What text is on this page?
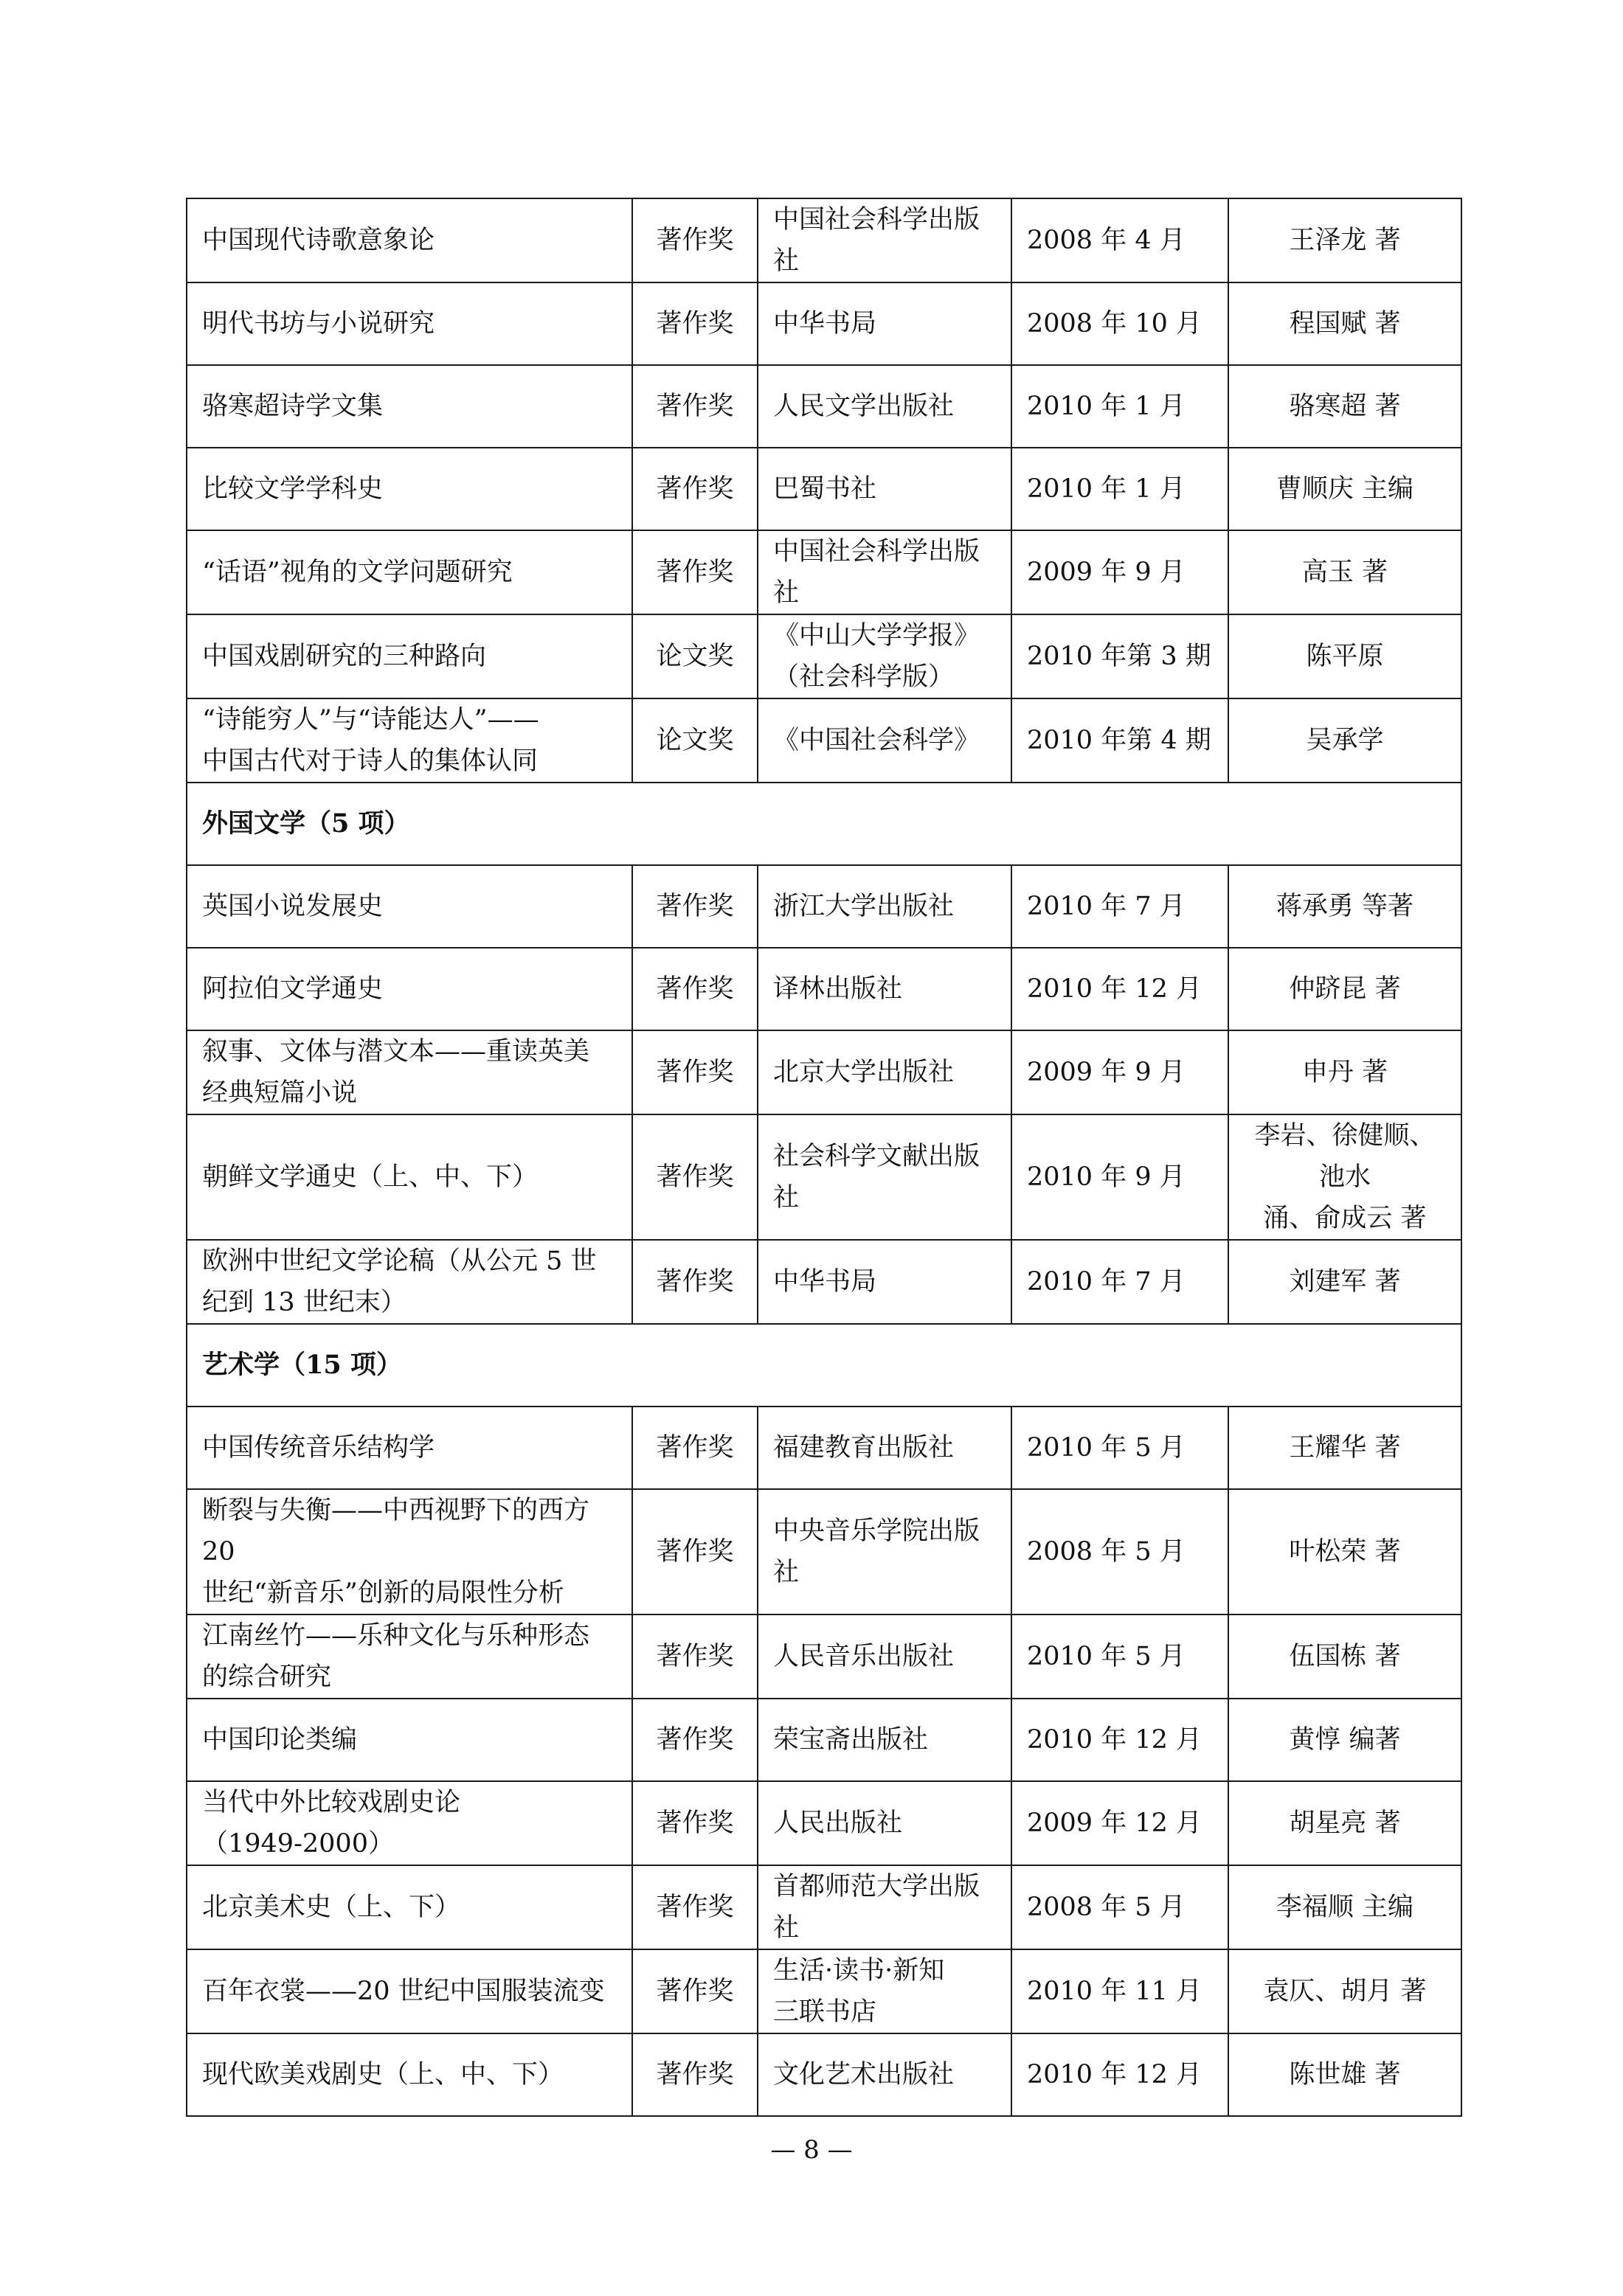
中国现代诗歌意象论	著作奖	中国社会科学出版社	2008 年 4 月	王泽龙 著

明代书坊与小说研究	著作奖	中华书局	2008 年 10 月	程国赋 著

骆寒超诗学文集	著作奖	人民文学出版社	2010 年 1 月	骆寒超 著

比较文学学科史	著作奖	巴蜀书社	2010 年 1 月	曹顺庆 主编

“话语”视角的文学问题研究	著作奖	中国社会科学出版社	2009 年 9 月	高玉 著

中国戏剧研究的三种路向	论文奖	《中山大学学报》
（社会科学版）	2010 年第 3 期	陈平原

“诗能穷人”与“诗能达人”——
中国古代对于诗人的集体认同	论文奖	《中国社会科学》	2010 年第 4 期	吴承学

外国文学（5 项）				

英国小说发展史	著作奖	浙江大学出版社	2010 年 7 月	蒋承勇 等著

阿拉伯文学通史	著作奖	译林出版社	2010 年 12 月	仲跻昆 著

叙事、文体与潜文本——重读英美
经典短篇小说	著作奖	北京大学出版社	2009 年 9 月	申丹 著

朝鲜文学通史（上、中、下）	著作奖	社会科学文献出版社	2010 年 9 月	李岩、徐健顺、池水
涌、俞成云 著

欧洲中世纪文学论稿（从公元 5 世
纪到 13 世纪末）	著作奖	中华书局	2010 年 7 月	刘建军 著

艺术学（15 项）				

中国传统音乐结构学	著作奖	福建教育出版社	2010 年 5 月	王耀华 著

断裂与失衡——中西视野下的西方 20
世纪“新音乐”创新的局限性分析	著作奖	中央音乐学院出版社	2008 年 5 月	叶松荣 著

江南丝竹——乐种文化与乐种形态
的综合研究	著作奖	人民音乐出版社	2010 年 5 月	伍国栋 著

中国印论类编	著作奖	荣宝斋出版社	2010 年 12 月	黄惇 编著

当代中外比较戏剧史论
（1949-2000）	著作奖	人民出版社	2009 年 12 月	胡星亮 著

北京美术史（上、下）	著作奖	首都师范大学出版社	2008 年 5 月	李福顺 主编

百年衣裳——20 世纪中国服装流变	著作奖	生活·读书·新知
三联书店	2010 年 11 月	袁仄、胡月 著

现代欧美戏剧史（上、中、下）	著作奖	文化艺术出版社	2010 年 12 月	陈世雄 著
— 8 —
